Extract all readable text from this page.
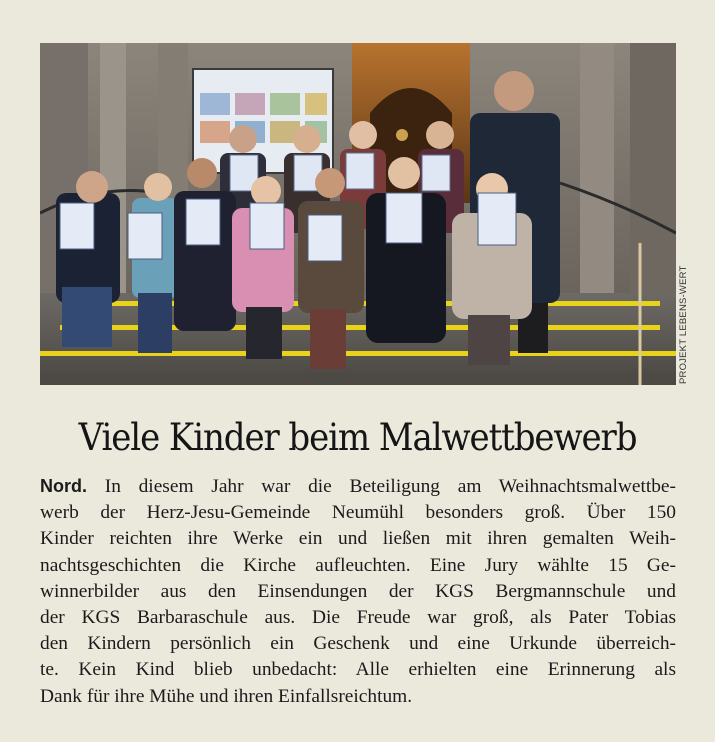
PROJEKT LEBENS-WERT
Viele Kinder beim Malwettbewerb
Nord. In diesem Jahr war die Beteiligung am Weihnachtsmalwettbe-
werb der Herz-Jesu-Gemeinde Neumühl besonders groß. Über 150
Kinder reichten ihre Werke ein und ließen mit ihren gemalten Weih-
nachtsgeschichten die Kirche aufleuchten. Eine Jury wählte 15 Ge-
winnerbilder aus den Einsendungen der KGS Bergmannschule und
der KGS Barbaraschule aus. Die Freude war groß, als Pater Tobias
den Kindern persönlich ein Geschenk und eine Urkunde überreich-
te. Kein Kind blieb unbedacht: Alle erhielten eine Erinnerung als
Dank für ihre Mühe und ihren Einfallsreichtum.
